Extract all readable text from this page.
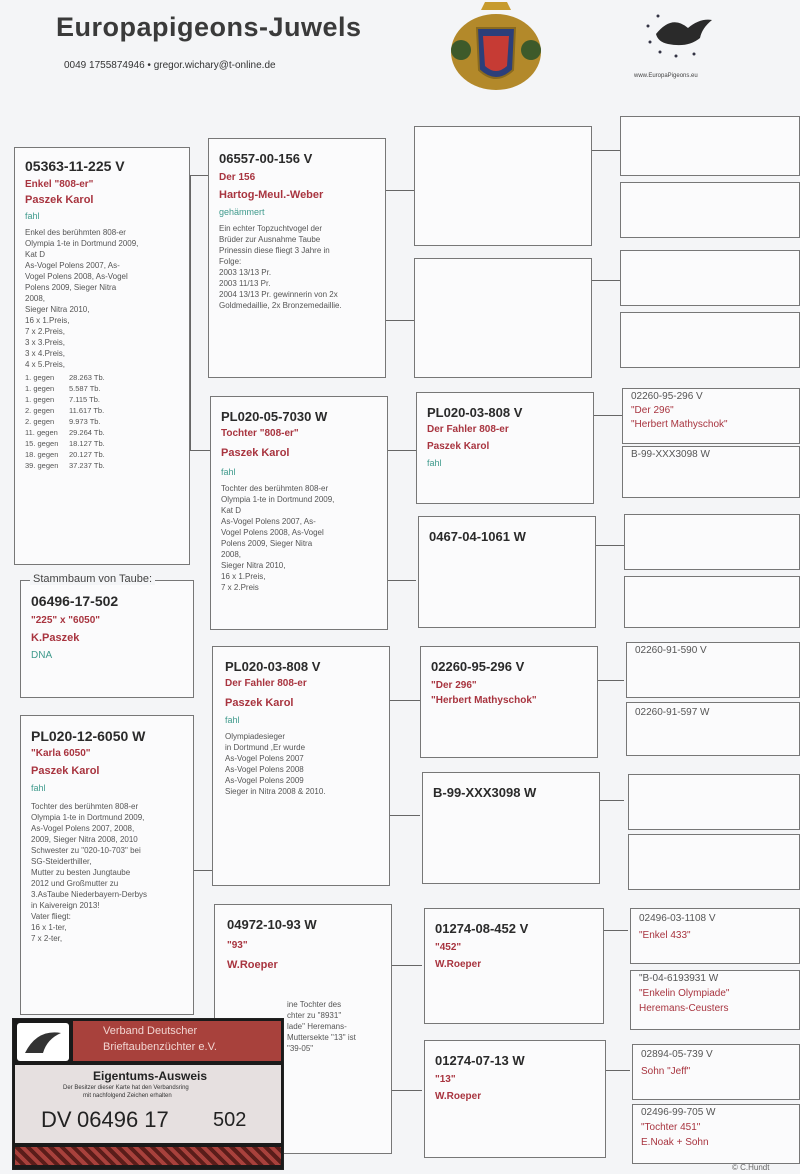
Europapigeons-Juwels
0049 1755874946 • gregor.wichary@t-online.de
www.EuropaPigeons.eu
05363-11-225 V
Enkel "808-er"
Paszek Karol
fahl
Enkel des berühmten 808-er
Olympia 1-te in Dortmund 2009,
Kat D
As-Vogel Polens 2007, As-
Vogel Polens 2008, As-Vogel
Polens 2009, Sieger Nitra
2008,
Sieger Nitra 2010,
16 x 1.Preis,
7 x 2.Preis,
3 x 3.Preis,
3 x 4.Preis,
4 x 5.Preis,
1. gegen	28.263 Tb.
1. gegen	5.587 Tb.
1. gegen	7.115 Tb.
2. gegen	11.617 Tb.
2. gegen	9.973 Tb.
11. gegen	29.264 Tb.
15. gegen	18.127 Tb.
18. gegen	20.127 Tb.
39. gegen	37.237 Tb.
Stammbaum von Taube:
06496-17-502
"225" x "6050"
K.Paszek
DNA
PL020-12-6050 W
"Karla 6050"
Paszek Karol
fahl
Tochter des berühmten 808-er
Olympia 1-te in Dortmund 2009,
As-Vogel Polens 2007, 2008,
2009, Sieger Nitra 2008, 2010
Schwester zu "020-10-703" bei
SG-Steiderthiller,
Mutter zu besten Jungtaube
2012 und Großmutter zu
3.AsTaube Niederbayern-Derbys
in Kaivereign 2013!
Vater fliegt:
16 x 1-ter,
7 x 2-ter,
06557-00-156 V
Der 156
Hartog-Meul.-Weber
gehämmert
Ein echter Topzuchtvogel der
Brüder zur Ausnahme Taube
Prinessin diese fliegt 3 Jahre in
Folge:
2003 13/13 Pr.
2003 11/13 Pr.
2004 13/13 Pr. gewinnerin von 2x
Goldmedaillie, 2x Bronzemedaillie.
PL020-05-7030 W
Tochter "808-er"
Paszek Karol
fahl
Tochter des berühmten 808-er
Olympia 1-te in Dortmund 2009,
Kat D
As-Vogel Polens 2007, As-
Vogel Polens 2008, As-Vogel
Polens 2009, Sieger Nitra
2008,
Sieger Nitra 2010,
16 x 1.Preis,
7 x 2.Preis
PL020-03-808 V
Der Fahler 808-er
Paszek Karol
fahl
Olympiadesieger
in Dortmund ,Er wurde
As-Vogel Polens 2007
As-Vogel Polens 2008
As-Vogel Polens 2009
Sieger in Nitra 2008 & 2010.
04972-10-93 W
"93"
W.Roeper
ine Tochter des
chter zu "8931"
lade" Heremans-
Muttersekte "13" ist
"39-05"
PL020-03-808 V
Der Fahler 808-er
Paszek Karol
fahl
0467-04-1061 W
02260-95-296 V
"Der 296"
"Herbert Mathyschok"
B-99-XXX3098 W
01274-08-452 V
"452"
W.Roeper
01274-07-13 W
"13"
W.Roeper
02260-95-296 V
"Der 296"
"Herbert Mathyschok"
B-99-XXX3098 W
02260-91-590 V
02260-91-597 W
02496-03-1108 V
"Enkel 433"
"B-04-6193931 W
"Enkelin Olympiade"
Heremans-Ceusters
02894-05-739 V
Sohn "Jeff"
02496-99-705 W
"Tochter 451"
E.Noak + Sohn
Verband Deutscher
Brieftaubenzüchter e.V.
Eigentums-Ausweis
Der Besitzer dieser Karte hat den Verbandsring
mit nachfolgend Zeichen erhalten
DV 06496 17 502
© C.Hundt
